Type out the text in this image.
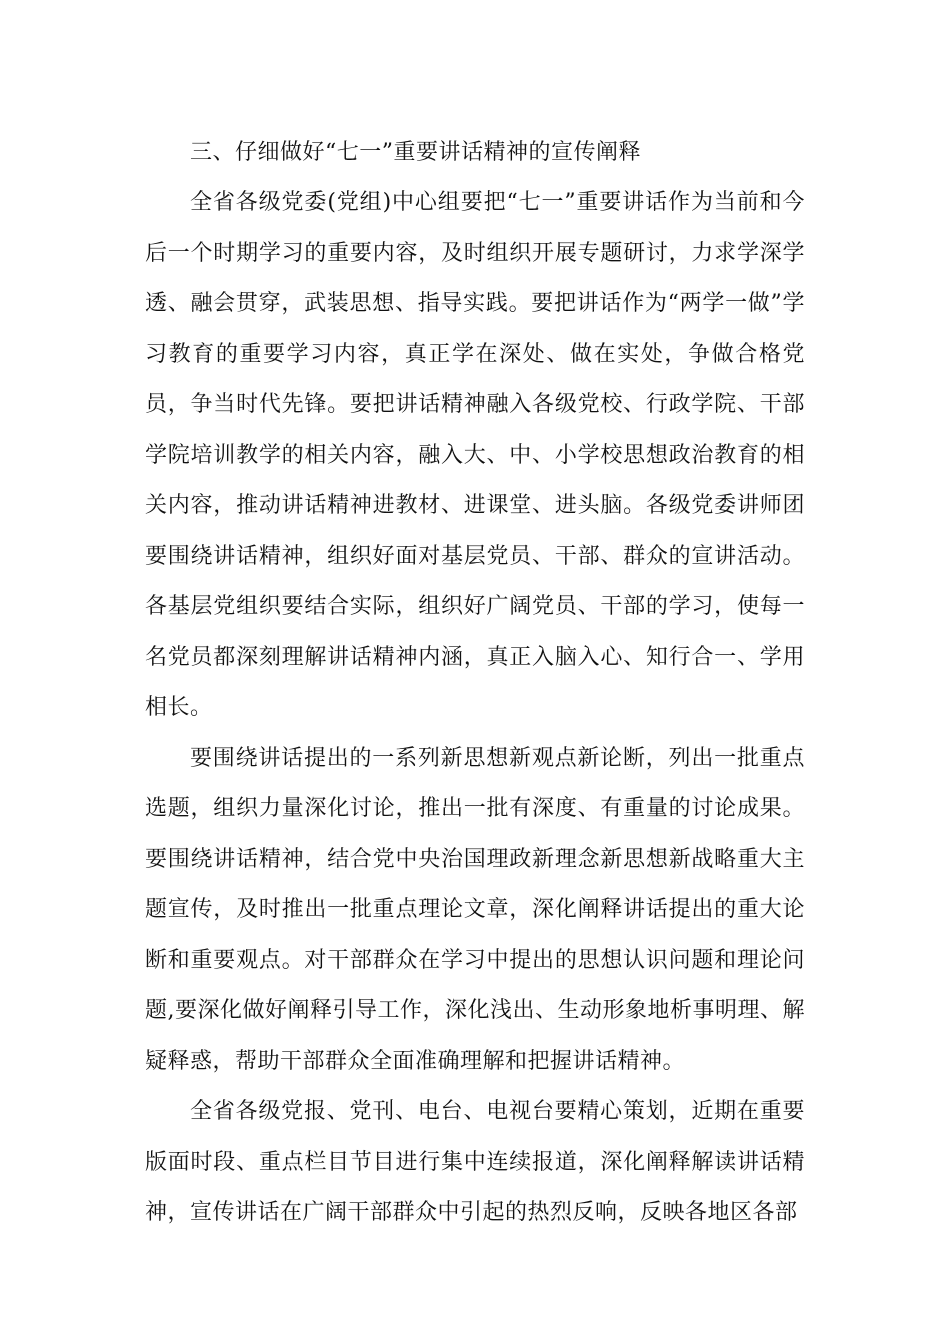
三、仔细做好“七一”重要讲话精神的宣传阐释

全省各级党委(党组)中心组要把“七一”重要讲话作为当前和今后一个时期学习的重要内容，及时组织开展专题研讨，力求学深学透、融会贯穿，武装思想、指导实践。要把讲话作为“两学一做”学习教育的重要学习内容，真正学在深处、做在实处，争做合格党员，争当时代先锋。要把讲话精神融入各级党校、行政学院、干部学院培训教学的相关内容，融入大、中、小学校思想政治教育的相关内容，推动讲话精神进教材、进课堂、进头脑。各级党委讲师团要围绕讲话精神，组织好面对基层党员、干部、群众的宣讲活动。各基层党组织要结合实际，组织好广阔党员、干部的学习，使每一名党员都深刻理解讲话精神内涵，真正入脑入心、知行合一、学用相长。

要围绕讲话提出的一系列新思想新观点新论断，列出一批重点选题，组织力量深化讨论，推出一批有深度、有重量的讨论成果。要围绕讲话精神，结合党中央治国理政新理念新思想新战略重大主题宣传，及时推出一批重点理论文章，深化阐释讲话提出的重大论断和重要观点。对干部群众在学习中提出的思想认识问题和理论问题,要深化做好阐释引导工作，深化浅出、生动形象地析事明理、解疑释惑，帮助干部群众全面准确理解和把握讲话精神。

全省各级党报、党刊、电台、电视台要精心策划，近期在重要版面时段、重点栏目节目进行集中连续报道，深化阐释解读讲话精神，宣传讲话在广阔干部群众中引起的热烈反响，反映各地区各部
